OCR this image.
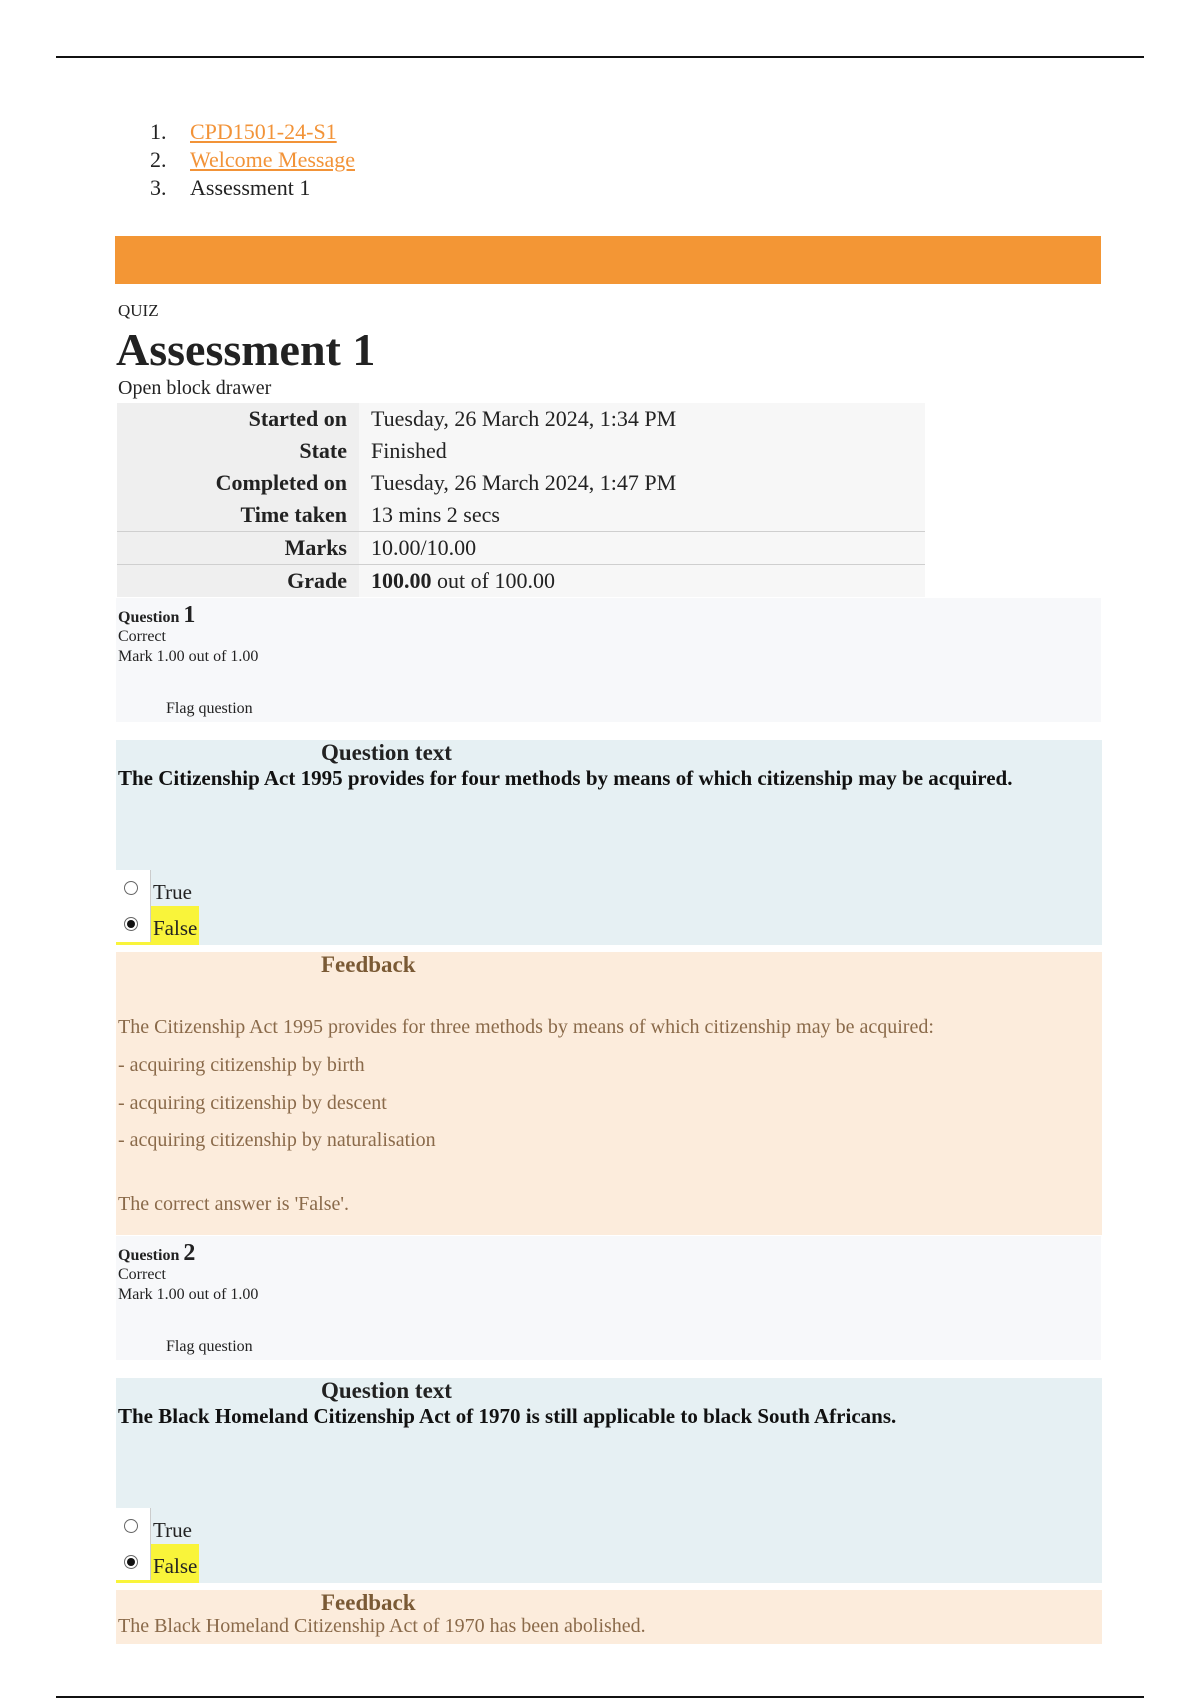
1.	CPD1501-24-S1
2.	Welcome Message
3.	Assessment 1
QUIZ
Assessment 1
Open block drawer
Started on	Tuesday, 26 March 2024, 1:34 PM
State	Finished
Completed on	Tuesday, 26 March 2024, 1:47 PM
Time taken	13 mins 2 secs
Marks	10.00/10.00
Grade	100.00 out of 100.00
Question 1
Correct
Mark 1.00 out of 1.00
Flag question
Question text
The Citizenship Act 1995 provides for four methods by means of which citizenship may be acquired.
True
False
Feedback
The Citizenship Act 1995 provides for three methods by means of which citizenship may be acquired:
- acquiring citizenship by birth
- acquiring citizenship by descent
- acquiring citizenship by naturalisation
The correct answer is 'False'.
Question 2
Correct
Mark 1.00 out of 1.00
Flag question
Question text
The Black Homeland Citizenship Act of 1970 is still applicable to black South Africans.
True
False
Feedback
The Black Homeland Citizenship Act of 1970 has been abolished.
